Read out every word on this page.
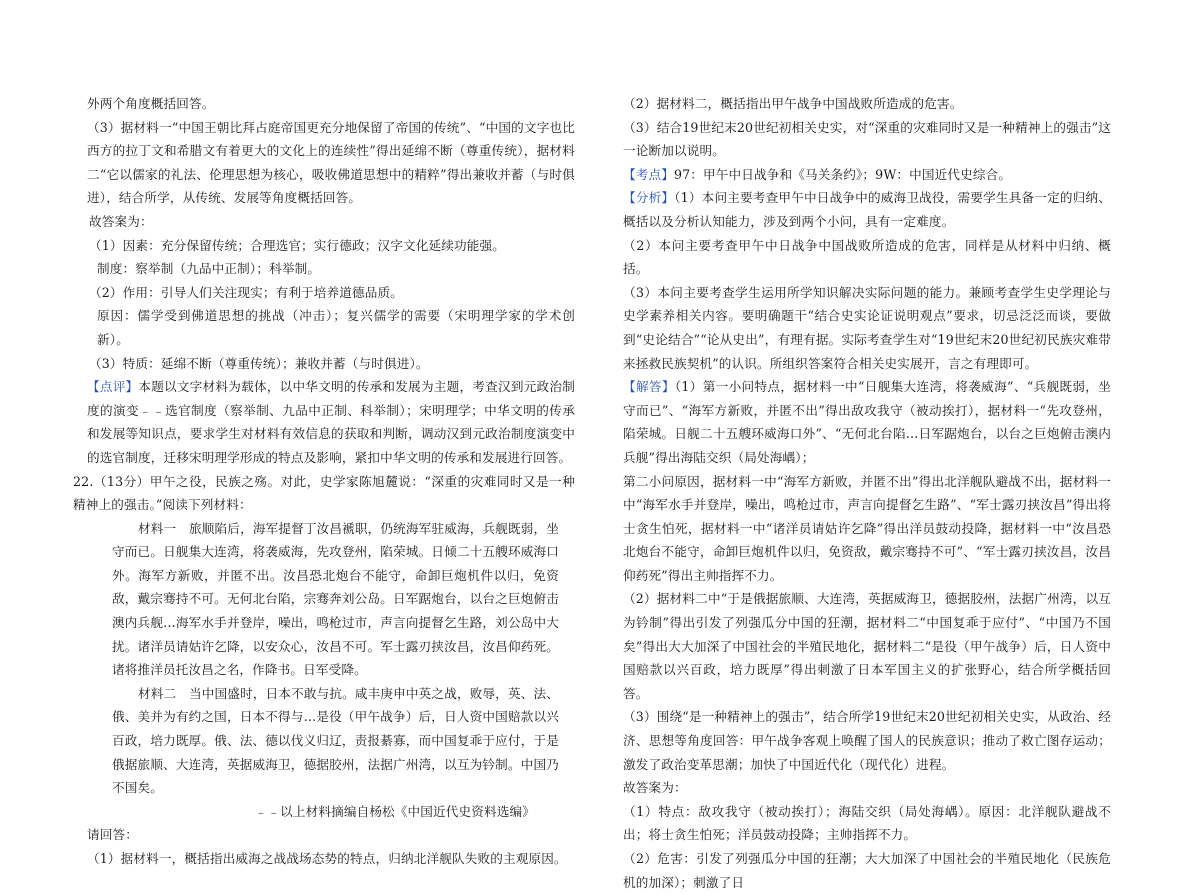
外两个角度概括回答。

（3）据材料一“中国王朝比拜占庭帝国更充分地保留了帝国的传统”、“中国的文字也比西方的拉丁文和希腊文有着更大的文化上的连续性”得出延绵不断（尊重传统），据材料二“它以儒家的礼法、伦理思想为核心，吸收佛道思想中的精粹”得出兼收并蓄（与时俱进），结合所学，从传统、发展等角度概括回答。

故答案为：

（1）因素：充分保留传统；合理选官；实行德政；汉字文化延续功能强。

制度：察举制（九品中正制）；科举制。

（2）作用：引导人们关注现实；有利于培养道德品质。

原因：儒学受到佛道思想的挑战（冲击）；复兴儒学的需要（宋明理学家的学术创新）。

（3）特质：延绵不断（尊重传统）；兼收并蓄（与时俱进）。

【点评】本题以文字材料为载体，以中华文明的传承和发展为主题，考查汉到元政治制度的演变﹣﹣选官制度（察举制、九品中正制、科举制）；宋明理学；中华文明的传承和发展等知识点，要求学生对材料有效信息的获取和判断，调动汉到元政治制度演变中的选官制度，迁移宋明理学形成的特点及影响，紧扣中华文明的传承和发展进行回答。

22.（13分）甲午之役，民族之殇。对此，史学家陈旭麓说：“深重的灾难同时又是一种精神上的强击。”阅读下列材料：

材料一　旅顺陷后，海军提督丁汝昌褫职，仍统海军驻威海，兵舰既弱，坐守而已。日舰集大连湾，将袭威海，先攻登州，陷荣城。日倾二十五艘环威海口外。海军方新败，并匿不出。汝昌恐北炮台不能守，命卸巨炮机件以归，免资敌，戴宗骞持不可。无何北台陷，宗骞奔刘公岛。日军踞炮台，以台之巨炮俯击澳内兵舰…海军水手并登岸，噪出，鸣枪过市，声言向提督乞生路，刘公岛中大扰。诸洋员请姑许乞降，以安众心，汝昌不可。军士露刃挟汝昌，汝昌仰药死。诸将推洋员托汝昌之名，作降书。日军受降。

材料二　当中国盛时，日本不敢与抗。咸丰庚申中英之战，败辱，英、法、俄、美并为有约之国，日本不得与…是役（甲午战争）后，日人资中国赔款以兴百政，培力既厚。俄、法、德以伐义归辽，责报綦寡，而中国复乖于应付，于是俄据旅顺、大连湾，英据威海卫，德据胶州，法据广州湾，以互为钤制。中国乃不国矣。

﹣﹣以上材料摘编自杨松《中国近代史资料选编》

请回答：

（1）据材料一，概括指出威海之战战场态势的特点，归纳北洋舰队失败的主观原因。

（2）据材料二，概括指出甲午战争中国战败所造成的危害。

（3）结合19世纪末20世纪初相关史实，对“深重的灾难同时又是一种精神上的强击”这一论断加以说明。

【考点】97：甲午中日战争和《马关条约》；9W：中国近代史综合。

【分析】（1）本问主要考查甲午中日战争中的威海卫战役，需要学生具备一定的归纳、概括以及分析认知能力，涉及到两个小问，具有一定难度。

（2）本问主要考查甲午中日战争中国战败所造成的危害，同样是从材料中归纳、概括。

（3）本问主要考查学生运用所学知识解决实际问题的能力。兼顾考查学生史学理论与史学素养相关内容。要明确题干“结合史实论证说明观点”要求，切忌泛泛而谈，要做到“史论结合”“论从史出”，有理有据。实际考查学生对“19世纪末20世纪初民族灾难带来拯救民族契机”的认识。所组织答案符合相关史实展开，言之有理即可。

【解答】（1）第一小问特点，据材料一中“日舰集大连湾，将袭威海”、“兵舰既弱，坐守而已”、“海军方新败，并匿不出”得出敌攻我守（被动挨打），据材料一“先攻登州，陷荣城。日舰二十五艘环威海口外”、“无何北台陷…日军踞炮台，以台之巨炮俯击澳内兵舰”得出海陆交织（局处海嵎）；

第二小问原因，据材料一中“海军方新败，并匿不出”得出北洋舰队避战不出，据材料一中“海军水手并登岸，噪出，鸣枪过市，声言向提督乞生路”、“军士露刃挟汝昌”得出将士贪生怕死，据材料一中“诸洋员请姑许乞降”得出洋员鼓动投降，据材料一中“汝昌恐北炮台不能守，命卸巨炮机件以归，免资敌，戴宗骞持不可”、“军士露刃挟汝昌，汝昌仰药死”得出主帅指挥不力。

（2）据材料二中“于是俄据旅顺、大连湾，英据威海卫，德据胶州，法据广州湾，以互为钤制”得出引发了列强瓜分中国的狂潮，据材料二“中国复乖于应付”、“中国乃不国矣”得出大大加深了中国社会的半殖民地化，据材料二“是役（甲午战争）后，日人资中国赔款以兴百政，培力既厚”得出刺激了日本军国主义的扩张野心，结合所学概括回答。

（3）围绕“是一种精神上的强击”，结合所学19世纪末20世纪初相关史实，从政治、经济、思想等角度回答：甲午战争客观上唤醒了国人的民族意识；推动了救亡图存运动；激发了政治变革思潮；加快了中国近代化（现代化）进程。

故答案为：

（1）特点：敌攻我守（被动挨打）；海陆交织（局处海嵎）。原因：北洋舰队避战不出；将士贪生怕死；洋员鼓动投降；主帅指挥不力。

（2）危害：引发了列强瓜分中国的狂潮；大大加深了中国社会的半殖民地化（民族危机的加深）；刺激了日
